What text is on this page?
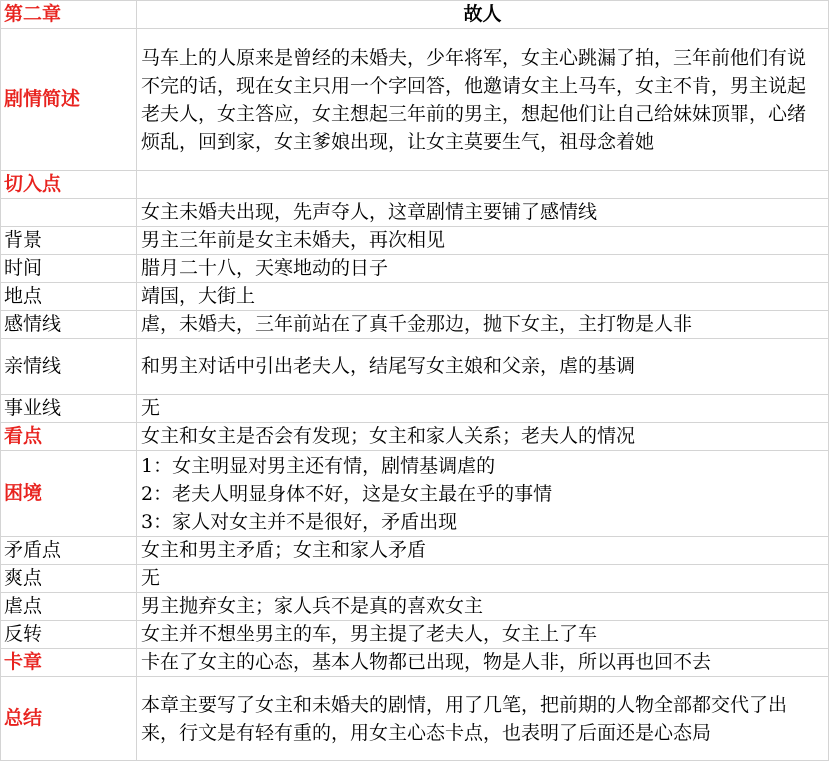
第二章	故人
剧情简述	马车上的人原来是曾经的未婚夫，少年将军，女主心跳漏了拍，三年前他们有说不完的话，现在女主只用一个字回答，他邀请女主上马车，女主不肯，男主说起老夫人，女主答应，女主想起三年前的男主，想起他们让自己给妹妹顶罪，心绪烦乱，回到家，女主爹娘出现，让女主莫要生气，祖母念着她
切入点	
	女主未婚夫出现，先声夺人，这章剧情主要铺了感情线
背景	男主三年前是女主未婚夫，再次相见
时间	腊月二十八，天寒地动的日子
地点	靖国，大街上
感情线	虐，未婚夫，三年前站在了真千金那边，抛下女主，主打物是人非
亲情线	和男主对话中引出老夫人，结尾写女主娘和父亲，虐的基调
事业线	无
看点	女主和女主是否会有发现；女主和家人关系；老夫人的情况
困境	1：女主明显对男主还有情，剧情基调虐的
2：老夫人明显身体不好，这是女主最在乎的事情
3：家人对女主并不是很好，矛盾出现

矛盾点	女主和男主矛盾；女主和家人矛盾
爽点	无
虐点	男主抛弃女主；家人兵不是真的喜欢女主
反转	女主并不想坐男主的车，男主提了老夫人，女主上了车
卡章	卡在了女主的心态，基本人物都已出现，物是人非，所以再也回不去
总结	本章主要写了女主和未婚夫的剧情，用了几笔，把前期的人物全部都交代了出来，行文是有轻有重的，用女主心态卡点，也表明了后面还是心态局
